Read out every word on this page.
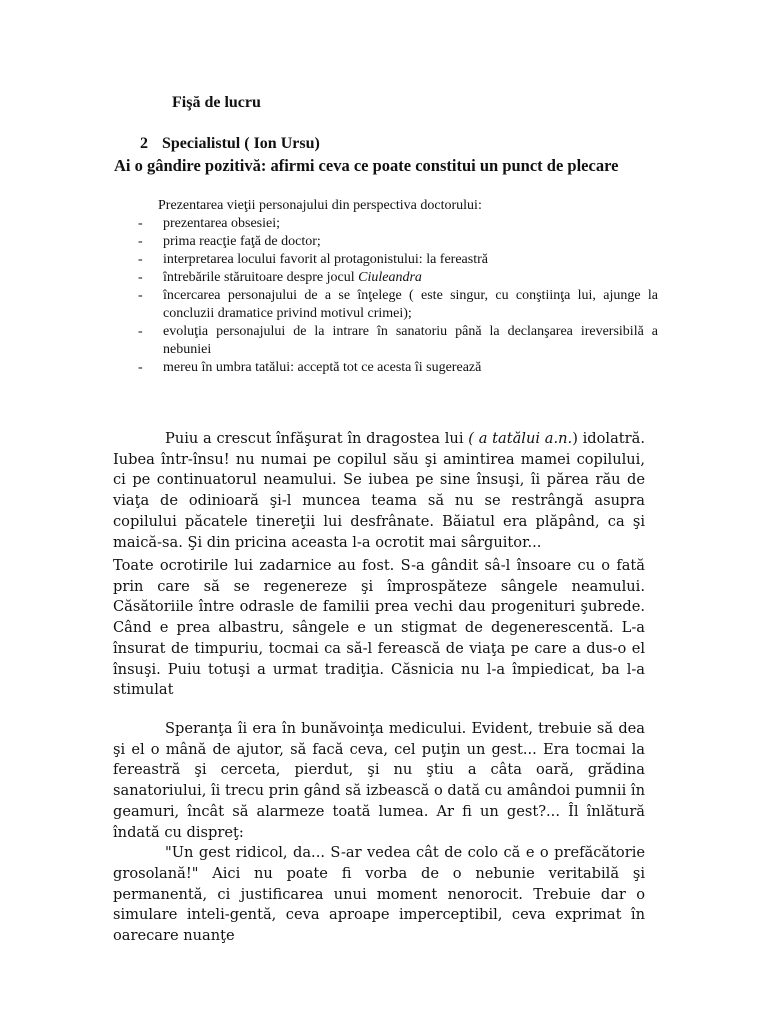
Fişă de lucru
2 Specialistul ( Ion Ursu)
Ai o gândire pozitivă: afirmi ceva ce poate constitui un punct de plecare
Prezentarea vieţii personajului din perspectiva doctorului:
- prezentarea obsesiei;
- prima reacţie faţă de doctor;
- interpretarea locului favorit al protagonistului: la fereastră
- întrebările stăruitoare despre jocul Ciuleandra
- încercarea personajului de a se înţelege ( este singur, cu conştiinţa lui, ajunge la concluzii dramatice privind motivul crimei);
- evoluţia personajului de la intrare în sanatoriu până la declanşarea ireversibilă a nebuniei
- mereu în umbra tatălui: acceptă tot ce acesta îi sugerează

Puiu a crescut înfăşurat în dragostea lui ( a tatălui a.n.) idolatră. Iubea într-însu! nu numai pe copilul său şi amintirea mamei copilului, ci pe continuatorul neamului. Se iubea pe sine însuşi, îi părea rău de viaţa de odinioară şi-l muncea teama să nu se restrângă asupra copilului păcatele tinereţii lui desfrânate. Băiatul era plăpând, ca şi maică-sa. Şi din pricina aceasta l-a ocrotit mai sârguitor...

Toate ocrotirile lui zadarnice au fost. S-a gândit sâ-l însoare cu o fată prin care să se regenereze şi împrospăteze sângele neamului. Căsătoriile între odrasle de familii prea vechi dau progenituri şubrede. Când e prea albastru, sângele e un stigmat de degenerescentă. L-a însurat de timpuriu, tocmai ca să-l ferească de viaţa pe care a dus-o el însuşi. Puiu totuşi a urmat tradiţia. Căsnicia nu l-a împiedicat, ba l-a stimulat

Speranţa îi era în bunăvoinţa medicului. Evident, trebuie să dea şi el o mână de ajutor, să facă ceva, cel puţin un gest... Era tocmai la fereastră şi cerceta, pierdut, şi nu ştiu a câta oară, grădina sanatoriului, îi trecu prin gând să izbească o dată cu amândoi pumnii în geamuri, încât să alarmeze toată lumea. Ar fi un gest?... Îl înlătură îndată cu dispreţ:
"Un gest ridicol, da... S-ar vedea cât de colo că e o prefăcătorie grosolană!" Aici nu poate fi vorba de o nebunie veritabilă şi permanentă, ci justificarea unui moment nenorocit. Trebuie dar o simulare inteli-gentă, ceva aproape imperceptibil, ceva exprimat în oarecare nuanţe
